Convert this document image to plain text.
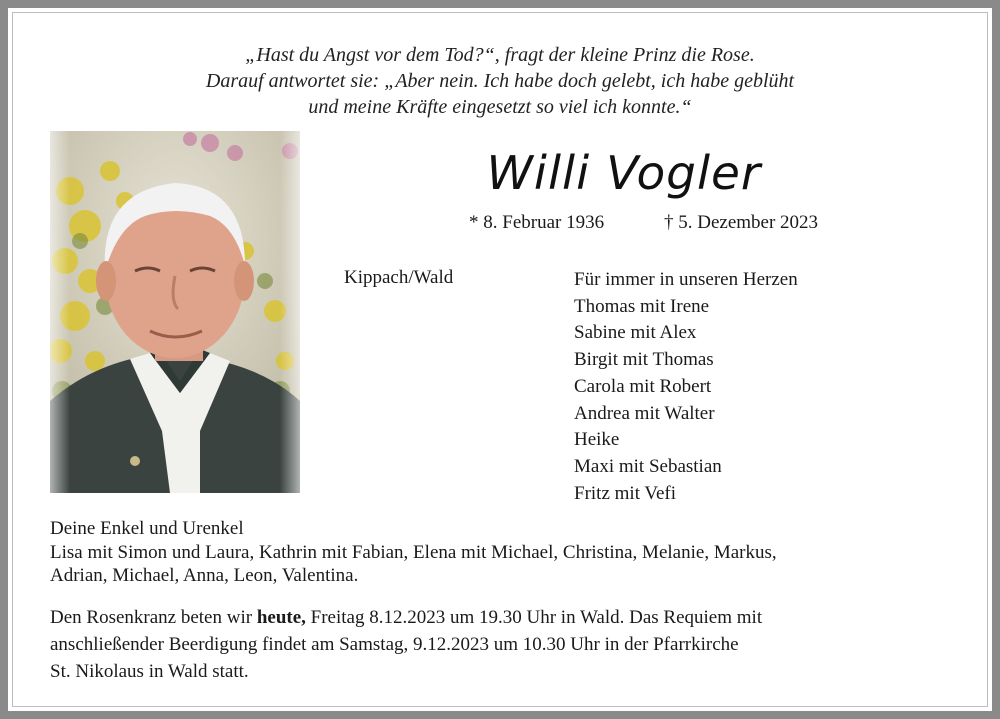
„Hast du Angst vor dem Tod?“, fragt der kleine Prinz die Rose.
Darauf antwortet sie: „Aber nein. Ich habe doch gelebt, ich habe geblüht
und meine Kräfte eingesetzt so viel ich konnte.“
Willi Vogler
* 8. Februar 1936	† 5. Dezember 2023
Kippach/Wald	Für immer in unseren Herzen
Thomas mit Irene
Sabine mit Alex
Birgit mit Thomas
Carola mit Robert
Andrea mit Walter
Heike
Maxi mit Sebastian
Fritz mit Vefi
Deine Enkel und Urenkel
Lisa mit Simon und Laura, Kathrin mit Fabian, Elena mit Michael, Christina, Melanie, Markus,
Adrian, Michael, Anna, Leon, Valentina.
Den Rosenkranz beten wir heute, Freitag 8.12.2023 um 19.30 Uhr in Wald. Das Requiem mit
anschließender Beerdigung findet am Samstag, 9.12.2023 um 10.30 Uhr in der Pfarrkirche
St. Nikolaus in Wald statt.
